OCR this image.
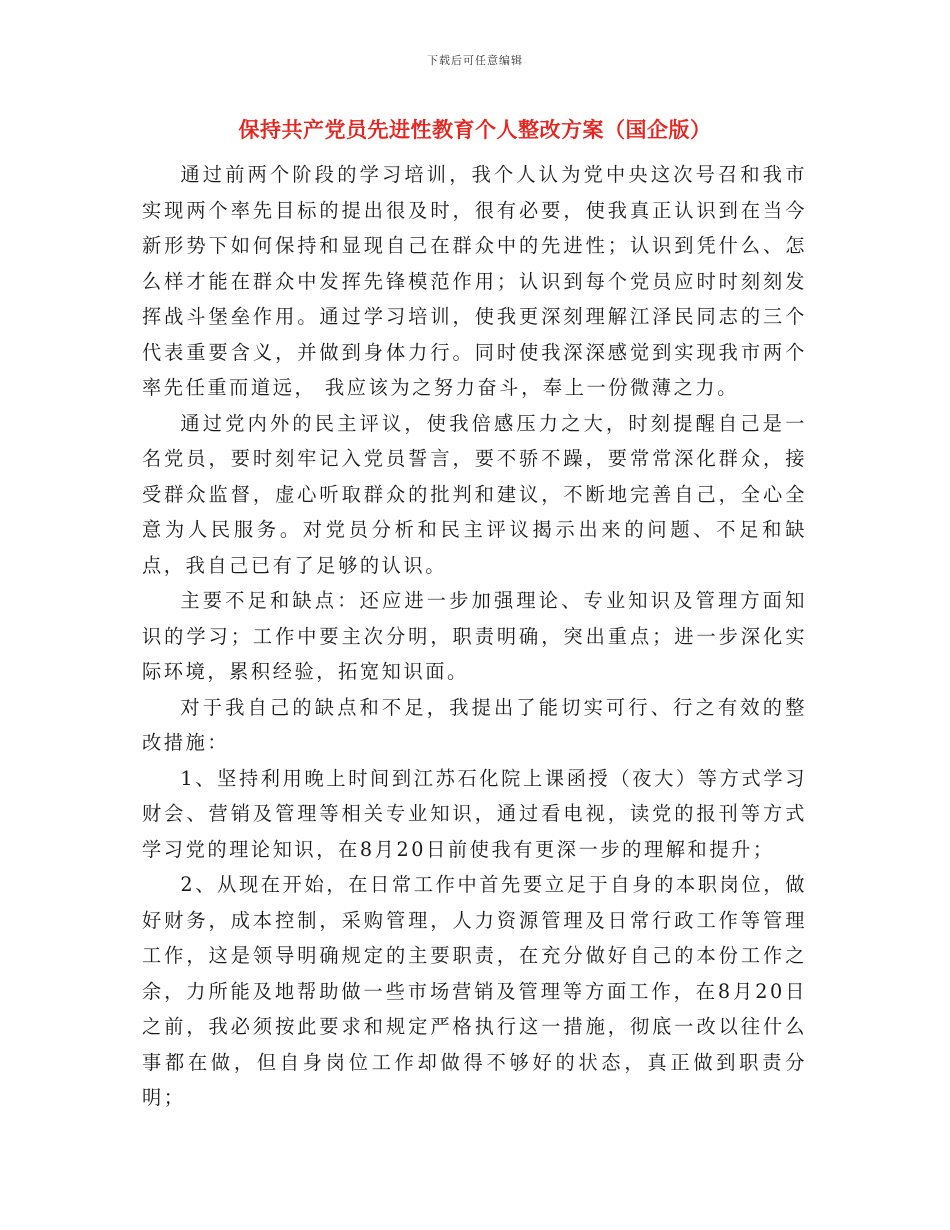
下载后可任意编辑
保持共产党员先进性教育个人整改方案（国企版）

通过前两个阶段的学习培训，我个人认为党中央这次号召和我市实现两个率先目标的提出很及时，很有必要，使我真正认识到在当今新形势下如何保持和显现自己在群众中的先进性；认识到凭什么、怎么样才能在群众中发挥先锋模范作用；认识到每个党员应时时刻刻发挥战斗堡垒作用。通过学习培训，使我更深刻理解江泽民同志的三个代表重要含义，并做到身体力行。同时使我深深感觉到实现我市两个率先任重而道远， 我应该为之努力奋斗，奉上一份微薄之力。

通过党内外的民主评议，使我倍感压力之大，时刻提醒自己是一名党员，要时刻牢记入党员誓言，要不骄不躁，要常常深化群众，接受群众监督，虚心听取群众的批判和建议，不断地完善自己，全心全意为人民服务。对党员分析和民主评议揭示出来的问题、不足和缺点，我自己已有了足够的认识。

主要不足和缺点：还应进一步加强理论、专业知识及管理方面知识的学习；工作中要主次分明，职责明确，突出重点；进一步深化实际环境，累积经验，拓宽知识面。

对于我自己的缺点和不足，我提出了能切实可行、行之有效的整改措施：

1、坚持利用晚上时间到江苏石化院上课函授（夜大）等方式学习财会、营销及管理等相关专业知识，通过看电视，读党的报刊等方式学习党的理论知识，在8月20日前使我有更深一步的理解和提升；

2、从现在开始，在日常工作中首先要立足于自身的本职岗位，做好财务，成本控制，采购管理，人力资源管理及日常行政工作等管理工作，这是领导明确规定的主要职责，在充分做好自己的本份工作之余，力所能及地帮助做一些市场营销及管理等方面工作，在8月20日之前，我必须按此要求和规定严格执行这一措施，彻底一改以往什么事都在做，但自身岗位工作却做得不够好的状态，真正做到职责分明；
